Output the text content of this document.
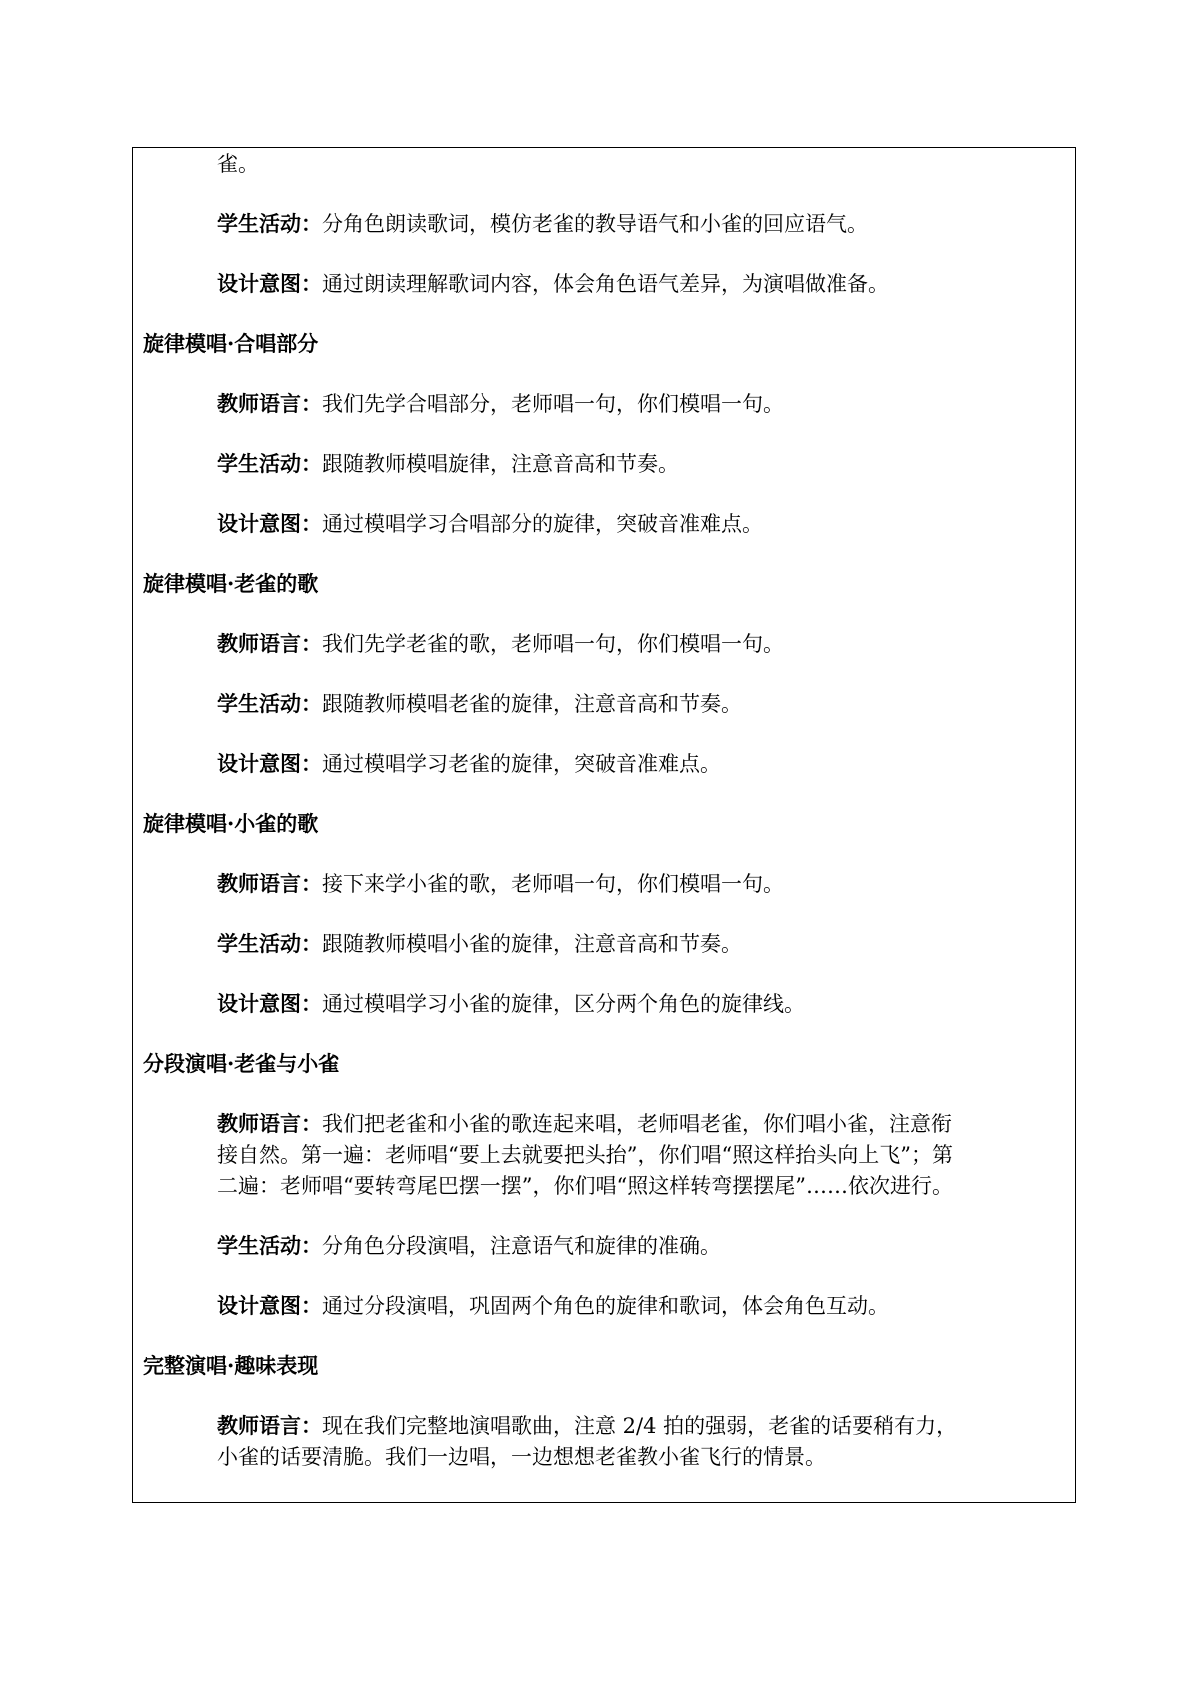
雀。

学生活动：分角色朗读歌词，模仿老雀的教导语气和小雀的回应语气。

设计意图：通过朗读理解歌词内容，体会角色语气差异，为演唱做准备。

旋律模唱·合唱部分

教师语言：我们先学合唱部分，老师唱一句，你们模唱一句。

学生活动：跟随教师模唱旋律，注意音高和节奏。

设计意图：通过模唱学习合唱部分的旋律，突破音准难点。

旋律模唱·老雀的歌

教师语言：我们先学老雀的歌，老师唱一句，你们模唱一句。

学生活动：跟随教师模唱老雀的旋律，注意音高和节奏。

设计意图：通过模唱学习老雀的旋律，突破音准难点。

旋律模唱·小雀的歌

教师语言：接下来学小雀的歌，老师唱一句，你们模唱一句。

学生活动：跟随教师模唱小雀的旋律，注意音高和节奏。

设计意图：通过模唱学习小雀的旋律，区分两个角色的旋律线。

分段演唱·老雀与小雀

教师语言：我们把老雀和小雀的歌连起来唱，老师唱老雀，你们唱小雀，注意衔

接自然。第一遍：老师唱“要上去就要把头抬”，你们唱“照这样抬头向上飞”；第

二遍：老师唱“要转弯尾巴摆一摆”，你们唱“照这样转弯摆摆尾”……依次进行。

学生活动：分角色分段演唱，注意语气和旋律的准确。

设计意图：通过分段演唱，巩固两个角色的旋律和歌词，体会角色互动。

完整演唱·趣味表现

教师语言：现在我们完整地演唱歌曲，注意 2/4 拍的强弱，老雀的话要稍有力，

小雀的话要清脆。我们一边唱，一边想想老雀教小雀飞行的情景。
